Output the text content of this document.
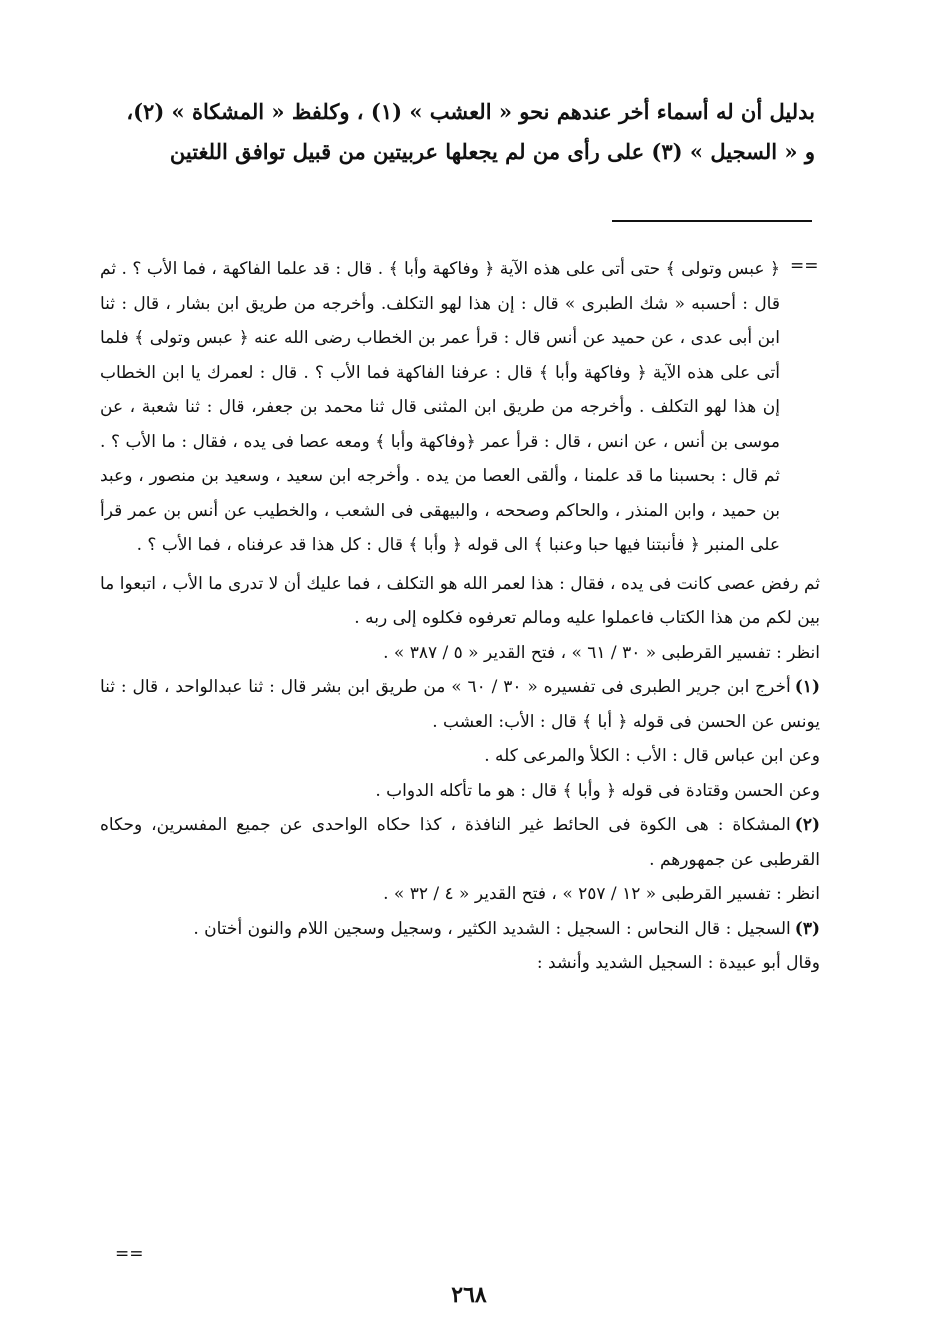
بدليل أن له أسماء أخر عندهم نحو « العشب » (١) ، وكلفظ « المشكاة » (٢)،

و « السجيل » (٣) على رأى من لم يجعلها عربيتين من قبيل توافق اللغتين

==

﴿ عبس وتولى ﴾ حتى أتى على هذه الآية ﴿ وفاكهة وأبا ﴾ . قال : قد علما الفاكهة ، فما الأب ؟ . ثم قال : أحسبه « شك الطبرى » قال : إن هذا لهو التكلف. وأخرجه من طريق ابن بشار ، قال : ثنا ابن أبى عدى ، عن حميد عن أنس قال : قرأ عمر بن الخطاب رضى الله عنه ﴿ عبس وتولى ﴾ فلما أتى على هذه الآية ﴿ وفاكهة وأبا ﴾ قال : عرفنا الفاكهة فما الأب ؟ . قال : لعمرك يا ابن الخطاب إن هذا لهو التكلف . وأخرجه من طريق ابن المثنى قال ثنا محمد بن جعفر، قال : ثنا شعبة ، عن موسى بن أنس ، عن انس ، قال : قرأ عمر ﴿وفاكهة وأبا ﴾ ومعه عصا فى يده ، فقال : ما الأب ؟ . ثم قال : بحسبنا ما قد علمنا ، وألقى العصا من يده . وأخرجه ابن سعيد ، وسعيد بن منصور ، وعبد بن حميد ، وابن المنذر ، والحاكم وصححه ، والبيهقى فى الشعب ، والخطيب عن أنس بن عمر قرأ على المنبر ﴿ فأنبتنا فيها حبا وعنبا ﴾ الى قوله ﴿ وأبا ﴾ قال : كل هذا قد عرفناه ، فما الأب ؟ .

ثم رفض عصى كانت فى يده ، فقال : هذا لعمر الله هو التكلف ، فما عليك أن لا تدرى ما الأب ، اتبعوا ما بين لكم من هذا الكتاب فاعملوا عليه ومالم تعرفوه فكلوه إلى ربه .

انظر : تفسير القرطبى « ٣٠ / ٦١ » ، فتح القدير « ٥ / ٣٨٧ » .

(١)أخرج ابن جرير الطبرى فى تفسيره « ٣٠ / ٦٠ » من طريق ابن بشر قال : ثنا عبدالواحد ، قال : ثنا يونس عن الحسن فى قوله ﴿ أبا ﴾ قال : الأب: العشب .

وعن ابن عباس قال : الأب : الكلأ والمرعى كله .

وعن الحسن وقتادة فى قوله ﴿ وأبا ﴾ قال : هو ما تأكله الدواب .

(٢)المشكاة : هى الكوة فى الحائط غير النافذة ، كذا حكاه الواحدى عن جميع المفسرين، وحكاه القرطبى عن جمهورهم .

انظر : تفسير القرطبى « ١٢ / ٢٥٧ » ، فتح القدير « ٤ / ٣٢ » .

(٣)السجيل : قال النحاس : السجيل : الشديد الكثير ، وسجيل وسجين اللام والنون أختان .

وقال أبو عبيدة : السجيل الشديد وأنشد :

==
٢٦٨
